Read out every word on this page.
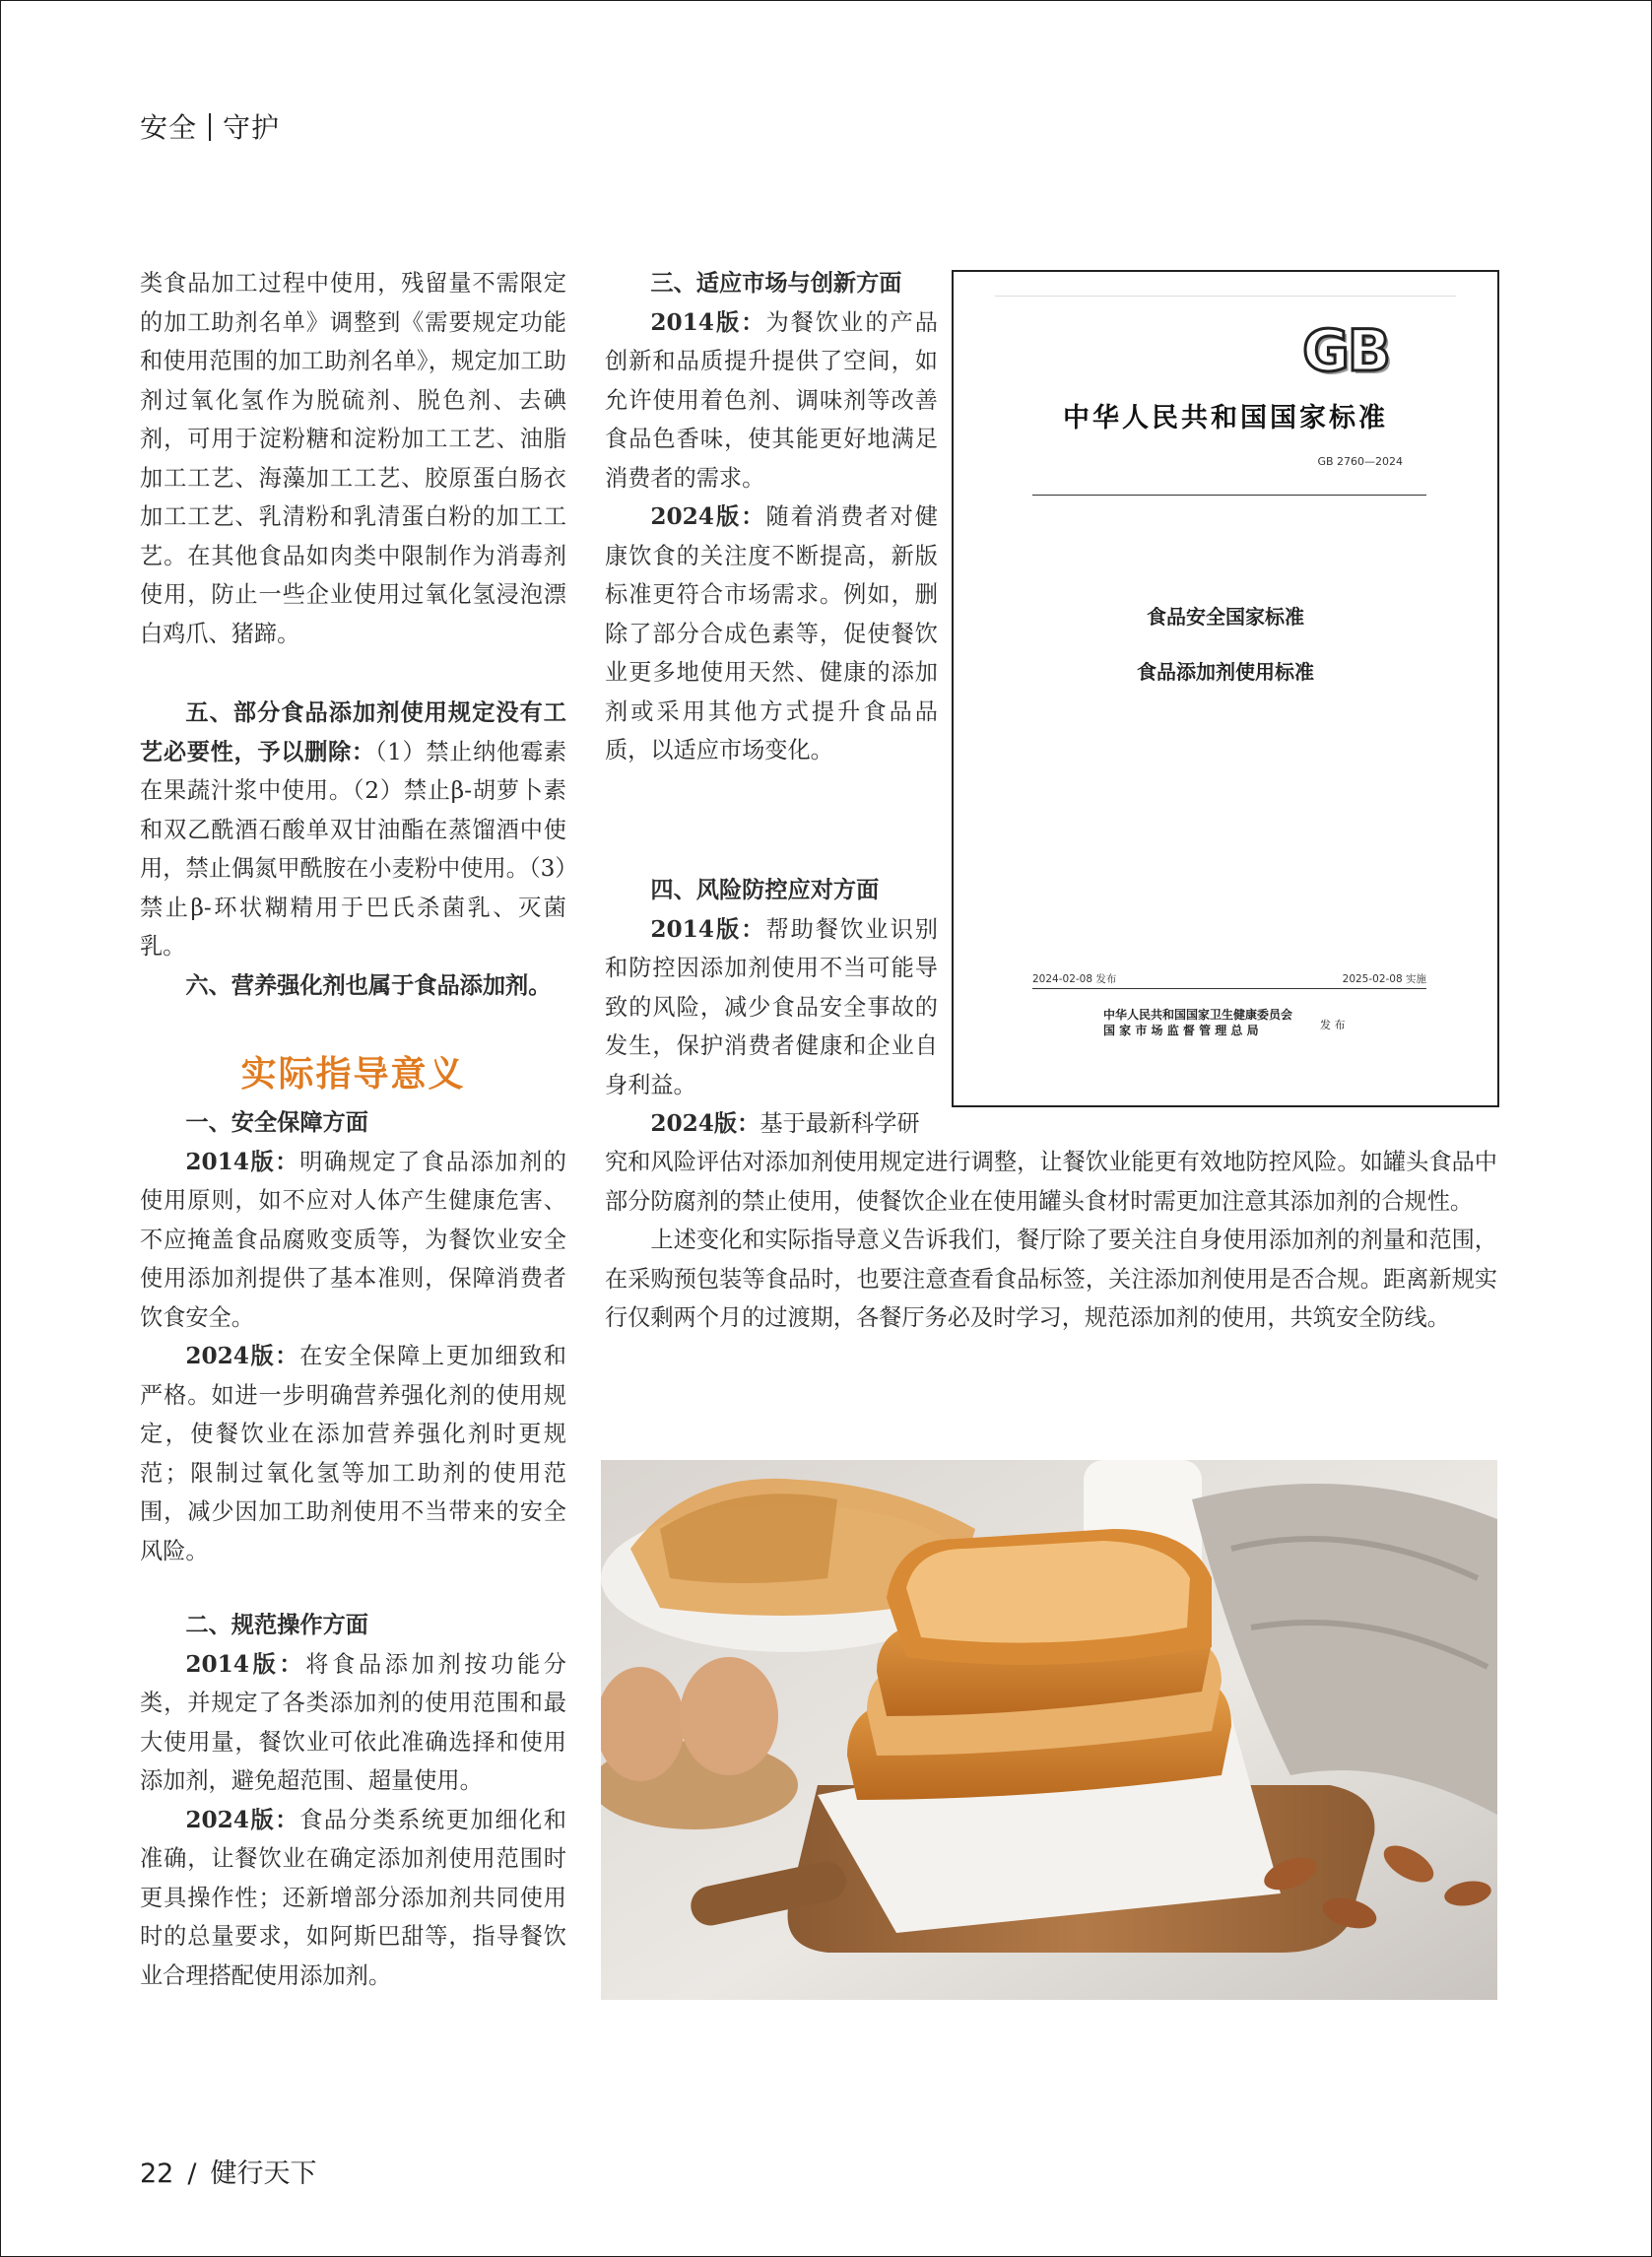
安全 守护

类食品加工过程中使用，残留量不需限定的加工助剂名单》调整到《需要规定功能和使用范围的加工助剂名单》，规定加工助剂过氧化氢作为脱硫剂、脱色剂、去碘剂，可用于淀粉糖和淀粉加工工艺、油脂加工工艺、海藻加工工艺、胶原蛋白肠衣加工工艺、乳清粉和乳清蛋白粉的加工工艺。在其他食品如肉类中限制作为消毒剂使用，防止一些企业使用过氧化氢浸泡漂白鸡爪、猪蹄。

五、部分食品添加剂使用规定没有工艺必要性，予以删除：（1）禁止纳他霉素在果蔬汁浆中使用。（2）禁止β-胡萝卜素和双乙酰酒石酸单双甘油酯在蒸馏酒中使用，禁止偶氮甲酰胺在小麦粉中使用。（3）禁止β-环状糊精用于巴氏杀菌乳、灭菌乳。

六、营养强化剂也属于食品添加剂。

实际指导意义

一、安全保障方面

2014版：明确规定了食品添加剂的使用原则，如不应对人体产生健康危害、不应掩盖食品腐败变质等，为餐饮业安全使用添加剂提供了基本准则，保障消费者饮食安全。

2024版：在安全保障上更加细致和严格。如进一步明确营养强化剂的使用规定，使餐饮业在添加营养强化剂时更规范；限制过氧化氢等加工助剂的使用范围，减少因加工助剂使用不当带来的安全风险。

二、规范操作方面

2014版：将食品添加剂按功能分类，并规定了各类添加剂的使用范围和最大使用量，餐饮业可依此准确选择和使用添加剂，避免超范围、超量使用。

2024版：食品分类系统更加细化和准确，让餐饮业在确定添加剂使用范围时更具操作性；还新增部分添加剂共同使用时的总量要求，如阿斯巴甜等，指导餐饮业合理搭配使用添加剂。

三、适应市场与创新方面

2014版：为餐饮业的产品创新和品质提升提供了空间，如允许使用着色剂、调味剂等改善食品色香味，使其能更好地满足消费者的需求。

2024版：随着消费者对健康饮食的关注度不断提高，新版标准更符合市场需求。例如，删除了部分合成色素等，促使餐饮业更多地使用天然、健康的添加剂或采用其他方式提升食品品质，以适应市场变化。

四、风险防控应对方面

2014版：帮助餐饮业识别和防控因添加剂使用不当可能导致的风险，减少食品安全事故的发生，保护消费者健康和企业自身利益。

2024版：基于最新科学研

究和风险评估对添加剂使用规定进行调整，让餐饮业能更有效地防控风险。如罐头食品中部分防腐剂的禁止使用，使餐饮企业在使用罐头食材时需更加注意其添加剂的合规性。

上述变化和实际指导意义告诉我们，餐厅除了要关注自身使用添加剂的剂量和范围，在采购预包装等食品时，也要注意查看食品标签，关注添加剂使用是否合规。距离新规实行仅剩两个月的过渡期，各餐厅务必及时学习，规范添加剂的使用，共筑安全防线。

GB
中华人民共和国国家标准
GB 2760—2024
食品安全国家标准
食品添加剂使用标准
2024-02-08 发布	2025-02-08 实施
中华人民共和国国家卫生健康委员会
国 家 市 场 监 督 管 理 总 局	发 布
22 / 健行天下
